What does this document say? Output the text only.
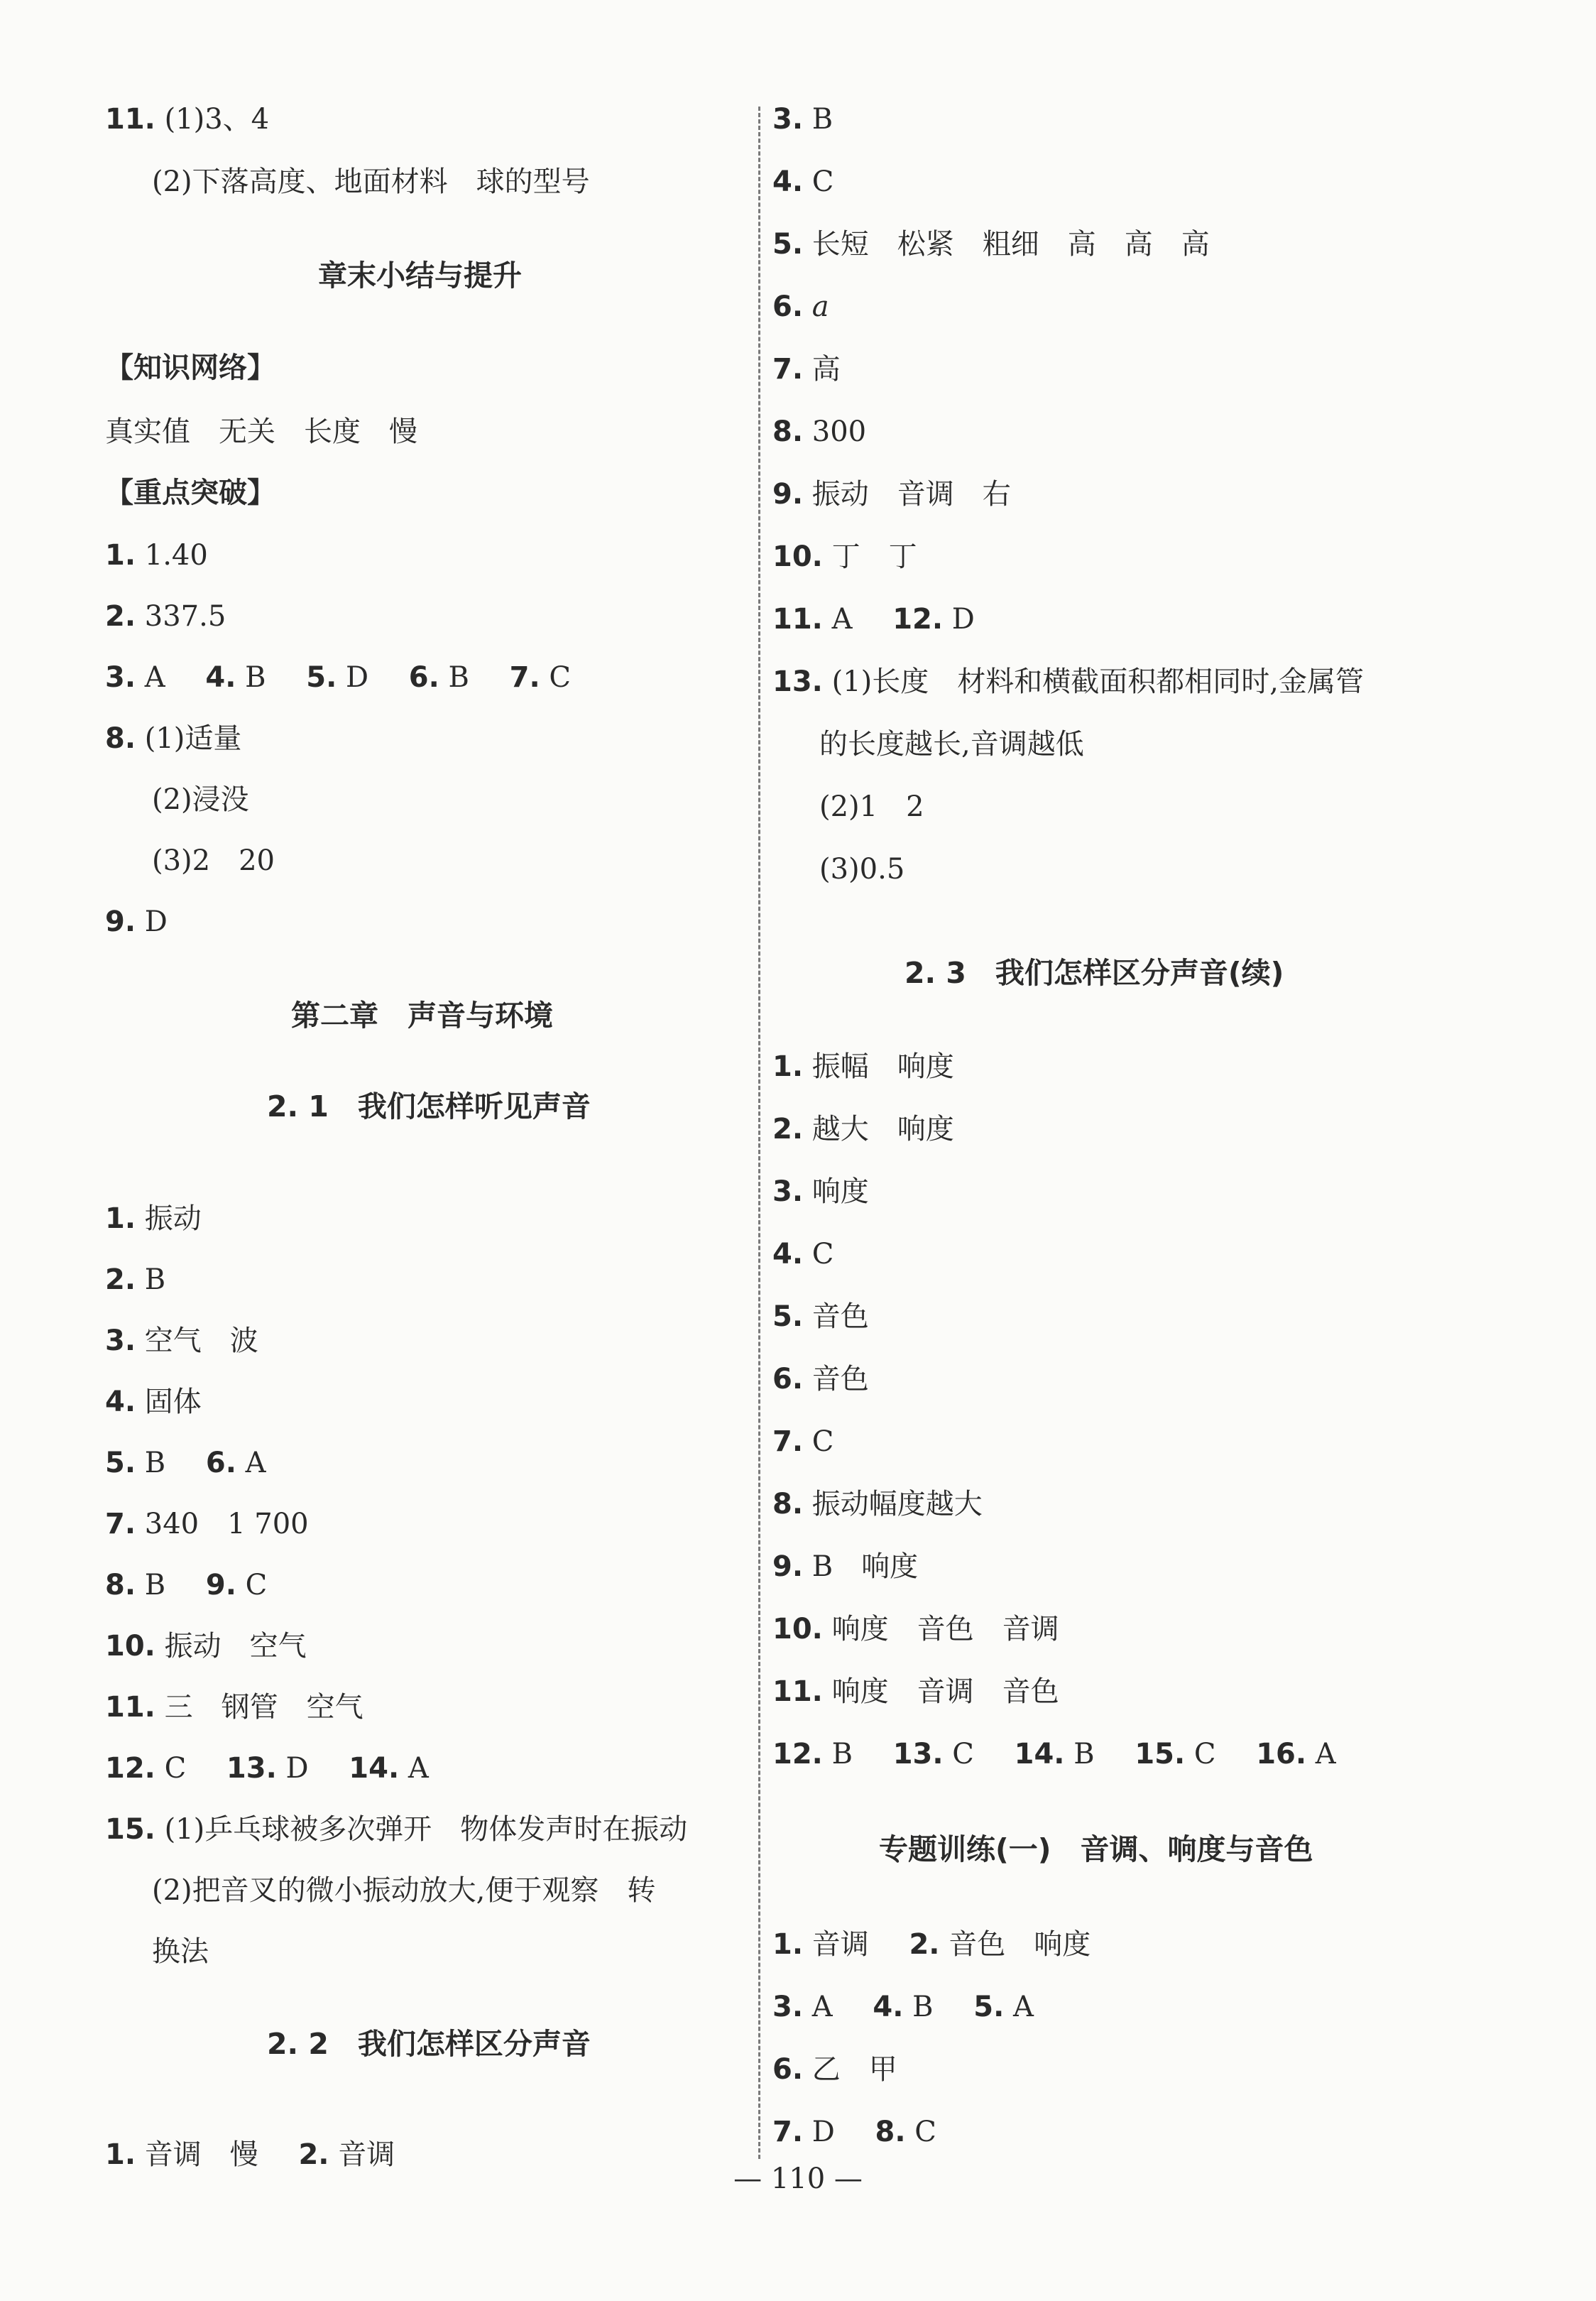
11. (1)3、4
(2)下落高度、地面材料　球的型号
章末小结与提升
【知识网络】
真实值　无关　长度　慢
【重点突破】
1. 1.40
2. 337.5
3. A 4. B 5. D 6. B 7. C
8. (1)适量
(2)浸没
(3)2　20
9. D
第二章　声音与环境
2. 1　我们怎样听见声音
1. 振动
2. B
3. 空气　波
4. 固体
5. B 6. A
7. 340　1 700
8. B 9. C
10. 振动　空气
11. 三　钢管　空气
12. C 13. D 14. A
15. (1)乒乓球被多次弹开　物体发声时在振动
(2)把音叉的微小振动放大,便于观察　转
换法
2. 2　我们怎样区分声音
1. 音调　慢 2. 音调
3. B
4. C
5. 长短　松紧　粗细　高　高　高
6. a
7. 高
8. 300
9. 振动　音调　右
10. 丁　丁
11. A 12. D
13. (1)长度　材料和横截面积都相同时,金属管
的长度越长,音调越低
(2)1　2
(3)0.5
2. 3　我们怎样区分声音(续)
1. 振幅　响度
2. 越大　响度
3. 响度
4. C
5. 音色
6. 音色
7. C
8. 振动幅度越大
9. B　响度
10. 响度　音色　音调
11. 响度　音调　音色
12. B 13. C 14. B 15. C 16. A
专题训练(一)　音调、响度与音色
1. 音调 2. 音色　响度
3. A 4. B 5. A
6. 乙　甲
7. D 8. C
— 110 —
